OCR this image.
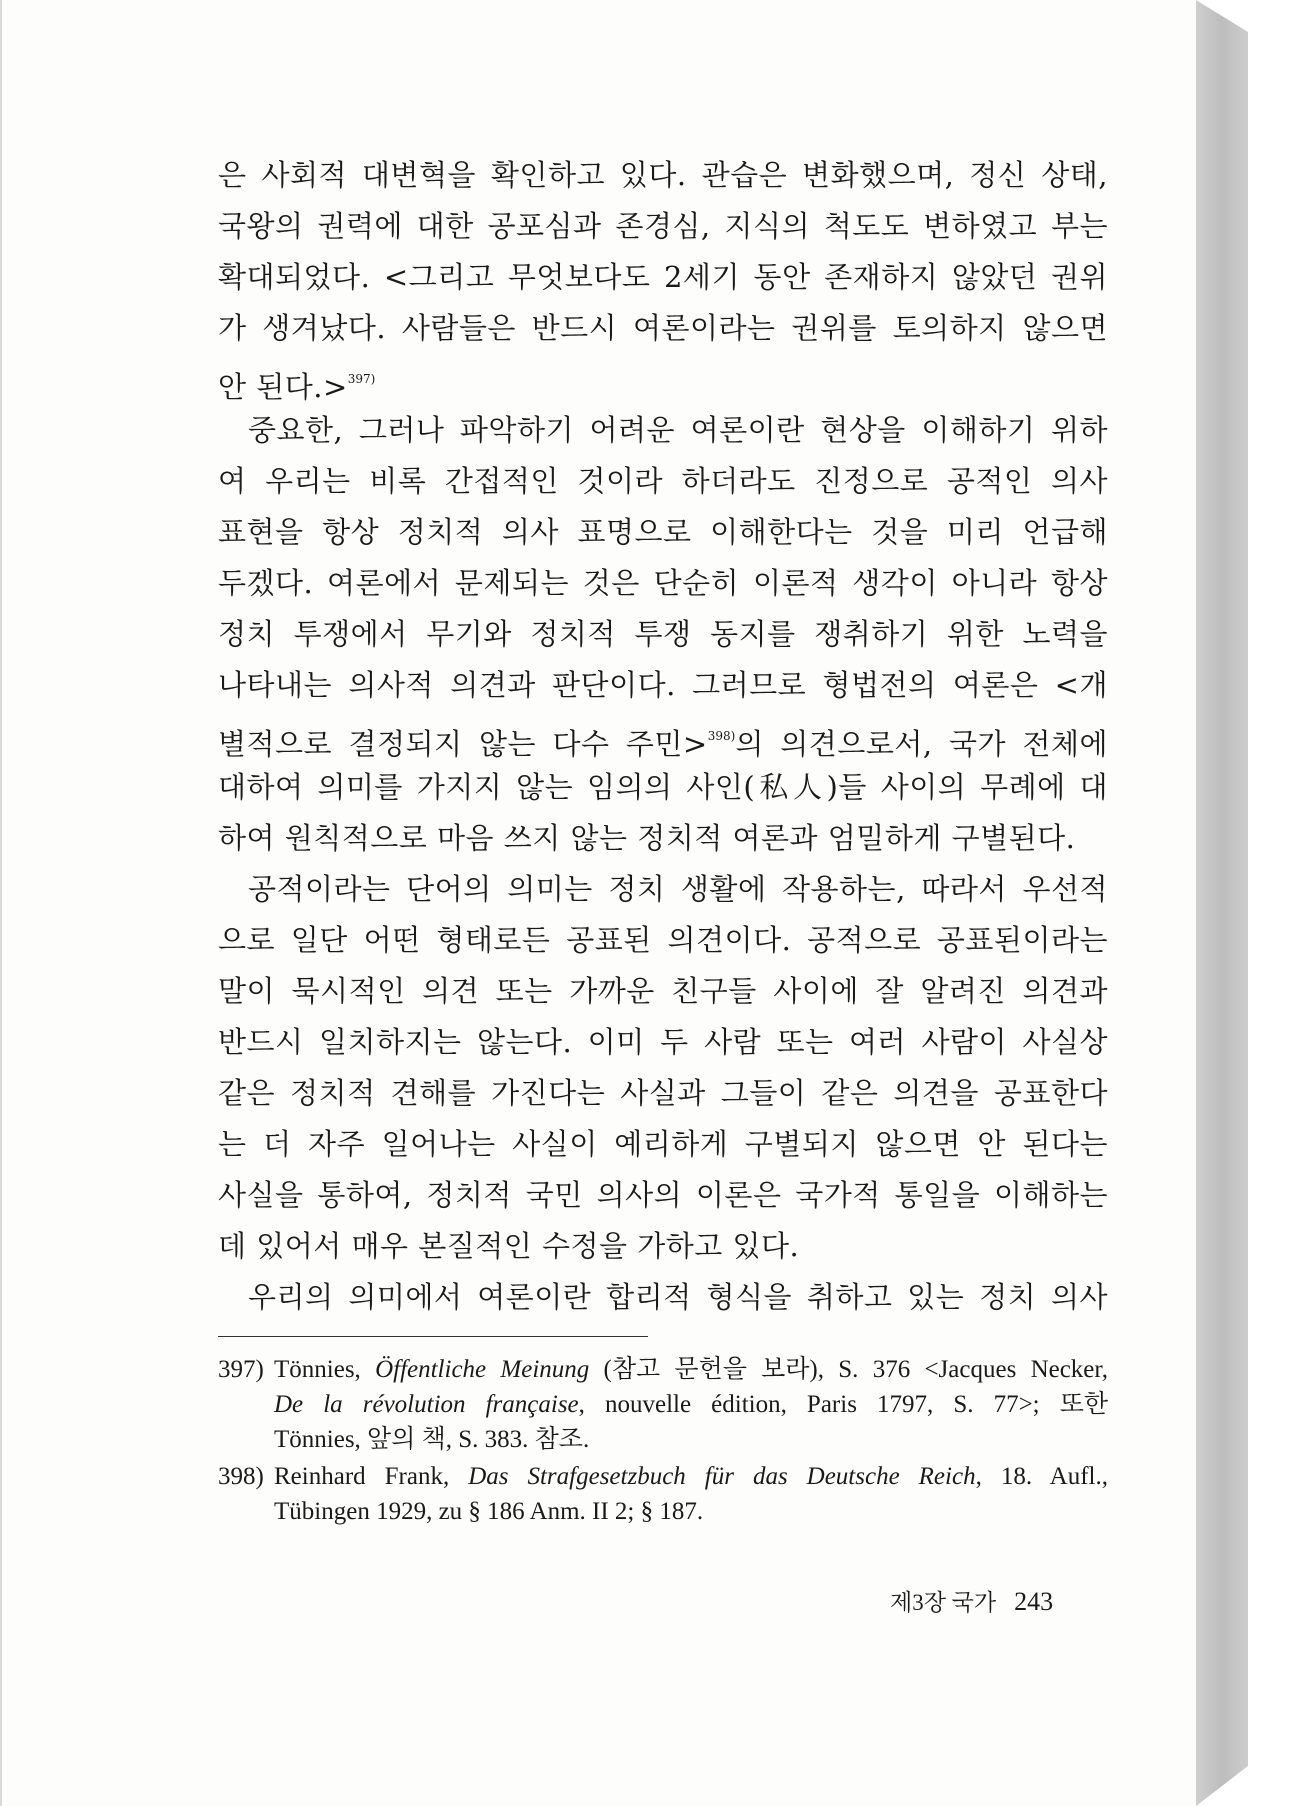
은 사회적 대변혁을 확인하고 있다. 관습은 변화했으며, 정신 상태,
국왕의 권력에 대한 공포심과 존경심, 지식의 척도도 변하였고 부는
확대되었다. <그리고 무엇보다도 2세기 동안 존재하지 않았던 권위
가 생겨났다. 사람들은 반드시 여론이라는 권위를 토의하지 않으면
안 된다.>$^{397)}$
중요한, 그러나 파악하기 어려운 여론이란 현상을 이해하기 위하
여 우리는 비록 간접적인 것이라 하더라도 진정으로 공적인 의사
표현을 항상 정치적 의사 표명으로 이해한다는 것을 미리 언급해
두겠다. 여론에서 문제되는 것은 단순히 이론적 생각이 아니라 항상
정치 투쟁에서 무기와 정치적 투쟁 동지를 쟁취하기 위한 노력을
나타내는 의사적 의견과 판단이다. 그러므로 형법전의 여론은 <개
별적으로 결정되지 않는 다수 주민>$^{398)}$의 의견으로서, 국가 전체에
대하여 의미를 가지지 않는 임의의 사인(私人)들 사이의 무례에 대
하여 원칙적으로 마음 쓰지 않는 정치적 여론과 엄밀하게 구별된다.
공적이라는 단어의 의미는 정치 생활에 작용하는, 따라서 우선적
으로 일단 어떤 형태로든 공표된 의견이다. 공적으로 공표된이라는
말이 묵시적인 의견 또는 가까운 친구들 사이에 잘 알려진 의견과
반드시 일치하지는 않는다. 이미 두 사람 또는 여러 사람이 사실상
같은 정치적 견해를 가진다는 사실과 그들이 같은 의견을 공표한다
는 더 자주 일어나는 사실이 예리하게 구별되지 않으면 안 된다는
사실을 통하여, 정치적 국민 의사의 이론은 국가적 통일을 이해하는
데 있어서 매우 본질적인 수정을 가하고 있다.
우리의 의미에서 여론이란 합리적 형식을 취하고 있는 정치 의사
397) Tönnies, Öffentliche Meinung (참고 문헌을 보라), S. 376 <Jacques Necker,
De la révolution française, nouvelle édition, Paris 1797, S. 77>; 또한
Tönnies, 앞의 책, S. 383. 참조.
398) Reinhard Frank, Das Strafgesetzbuch für das Deutsche Reich, 18. Aufl.,
Tübingen 1929, zu § 186 Anm. II 2; § 187.
제3장 국가 243
